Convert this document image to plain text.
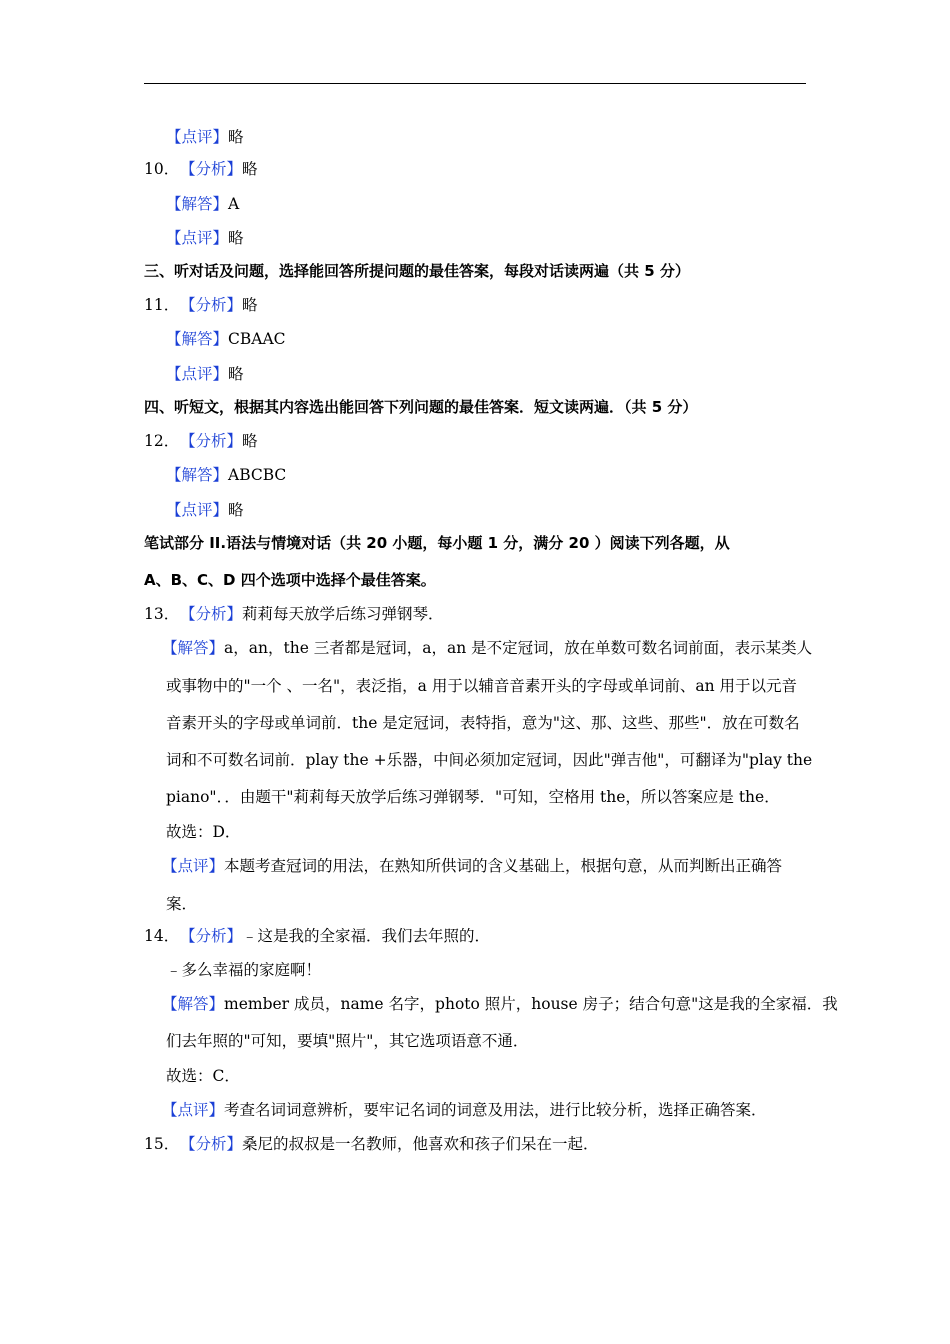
【点评】略
10．【分析】略
【解答】A
【点评】略
三、听对话及问题，选择能回答所提问题的最佳答案，每段对话读两遍（共 5 分）
11．【分析】略
【解答】CBAAC
【点评】略
四、听短文，根据其内容选出能回答下列问题的最佳答案．短文读两遍．（共 5 分）
12．【分析】略
【解答】ABCBC
【点评】略
笔试部分 II.语法与情境对话（共 20 小题，每小题 1 分，满分 20 ）阅读下列各题，从
A、B、C、D 四个选项中选择个最佳答案。
13．【分析】莉莉每天放学后练习弹钢琴．
【解答】a，an，the 三者都是冠词，a，an 是不定冠词，放在单数可数名词前面，表示某类人
或事物中的"一个 、一名"，表泛指，a 用于以辅音音素开头的字母或单词前、an 用于以元音
音素开头的字母或单词前．the 是定冠词，表特指，意为"这、那、这些、那些"．放在可数名
词和不可数名词前．play the +乐器，中间必须加定冠词，因此"弹吉他"，可翻译为"play the
piano"．．由题干"莉莉每天放学后练习弹钢琴．"可知，空格用 the，所以答案应是 the．
故选：D．
【点评】本题考查冠词的用法，在熟知所供词的含义基础上，根据句意，从而判断出正确答
案．
14．【分析】﹣这是我的全家福．我们去年照的．
﹣多么幸福的家庭啊！
【解答】member 成员，name 名字，photo 照片，house 房子；结合句意"这是我的全家福．我
们去年照的"可知，要填"照片"，其它选项语意不通．
故选：C．
【点评】考查名词词意辨析，要牢记名词的词意及用法，进行比较分析，选择正确答案．
15．【分析】桑尼的叔叔是一名教师，他喜欢和孩子们呆在一起．
